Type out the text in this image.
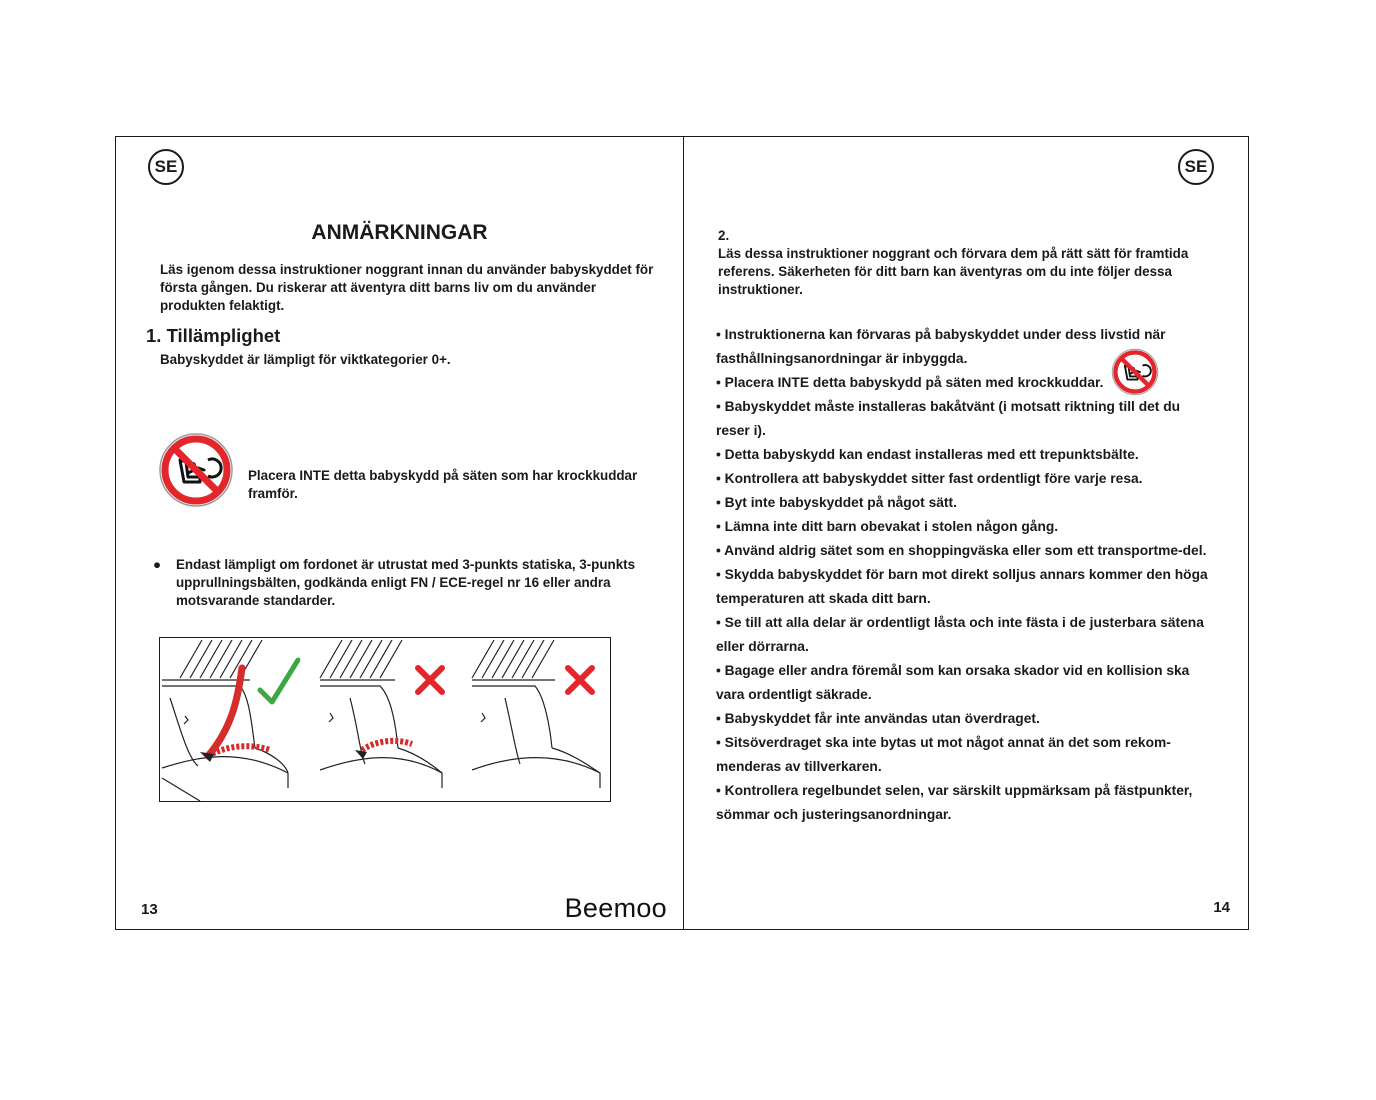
SE
ANMÄRKNINGAR

Läs igenom dessa instruktioner noggrant innan du använder babyskyddet för första gången. Du riskerar att äventyra ditt barns liv om du använder produkten felaktigt.

1. Tillämplighet

Babyskyddet är lämpligt för viktkategorier 0+.

Placera INTE detta babyskydd på säten som har krockkuddar framför.

● Endast lämpligt om fordonet är utrustat med 3-punkts statiska, 3-punkts upprullningsbälten, godkända enligt FN / ECE-regel nr 16 eller andra motsvarande standarder.
13	Beemoo
SE

2.

Läs dessa instruktioner noggrant och förvara dem på rätt sätt för framtida referens. Säkerheten för ditt barn kan äventyras om du inte följer dessa instruktioner.

• Instruktionerna kan förvaras på babyskyddet under dess livstid när fasthållningsanordningar är inbyggda.
• Placera INTE detta babyskydd på säten med krockkuddar.
• Babyskyddet måste installeras bakåtvänt (i motsatt riktning till det du reser i).
• Detta babyskydd kan endast installeras med ett trepunktsbälte.
• Kontrollera att babyskyddet sitter fast ordentligt före varje resa.
• Byt inte babyskyddet på något sätt.
• Lämna inte ditt barn obevakat i stolen någon gång.
• Använd aldrig sätet som en shoppingväska eller som ett transportme-del.
• Skydda babyskyddet för barn mot direkt solljus annars kommer den höga temperaturen att skada ditt barn.
• Se till att alla delar är ordentligt låsta och inte fästa i de justerbara sätena eller dörrarna.
• Bagage eller andra föremål som kan orsaka skador vid en kollision ska vara ordentligt säkrade.
• Babyskyddet får inte användas utan överdraget.
• Sitsöverdraget ska inte bytas ut mot något annat än det som rekom-menderas av tillverkaren.
• Kontrollera regelbundet selen, var särskilt uppmärksam på fästpunkter, sömmar och justeringsanordningar.
14
